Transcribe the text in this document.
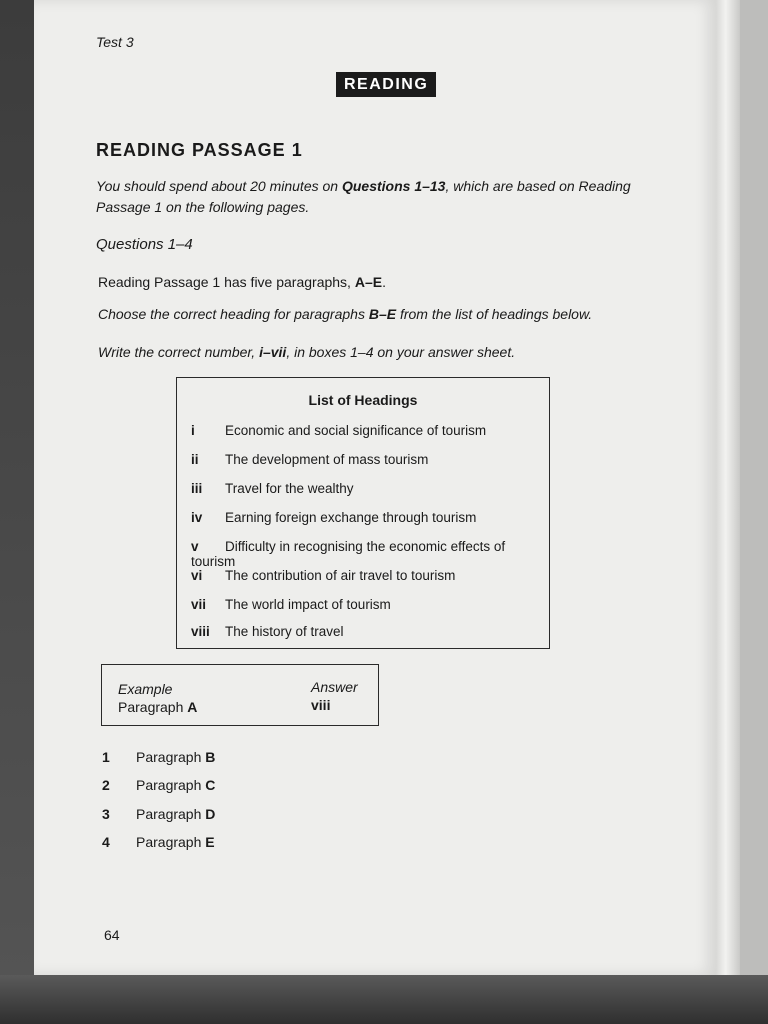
Test 3
READING
READING PASSAGE 1
You should spend about 20 minutes on Questions 1–13, which are based on Reading
Passage 1 on the following pages.
Questions 1–4
Reading Passage 1 has five paragraphs, A–E.
Choose the correct heading for paragraphs B–E from the list of headings below.
Write the correct number, i–vii, in boxes 1–4 on your answer sheet.
List of Headings
i Economic and social significance of tourism
ii The development of mass tourism
iii Travel for the wealthy
iv Earning foreign exchange through tourism
v Difficulty in recognising the economic effects of tourism
vi The contribution of air travel to tourism
vii The world impact of tourism
viii The history of travel
Example	Answer
Paragraph A	viii
1 Paragraph B
2 Paragraph C
3 Paragraph D
4 Paragraph E
64
